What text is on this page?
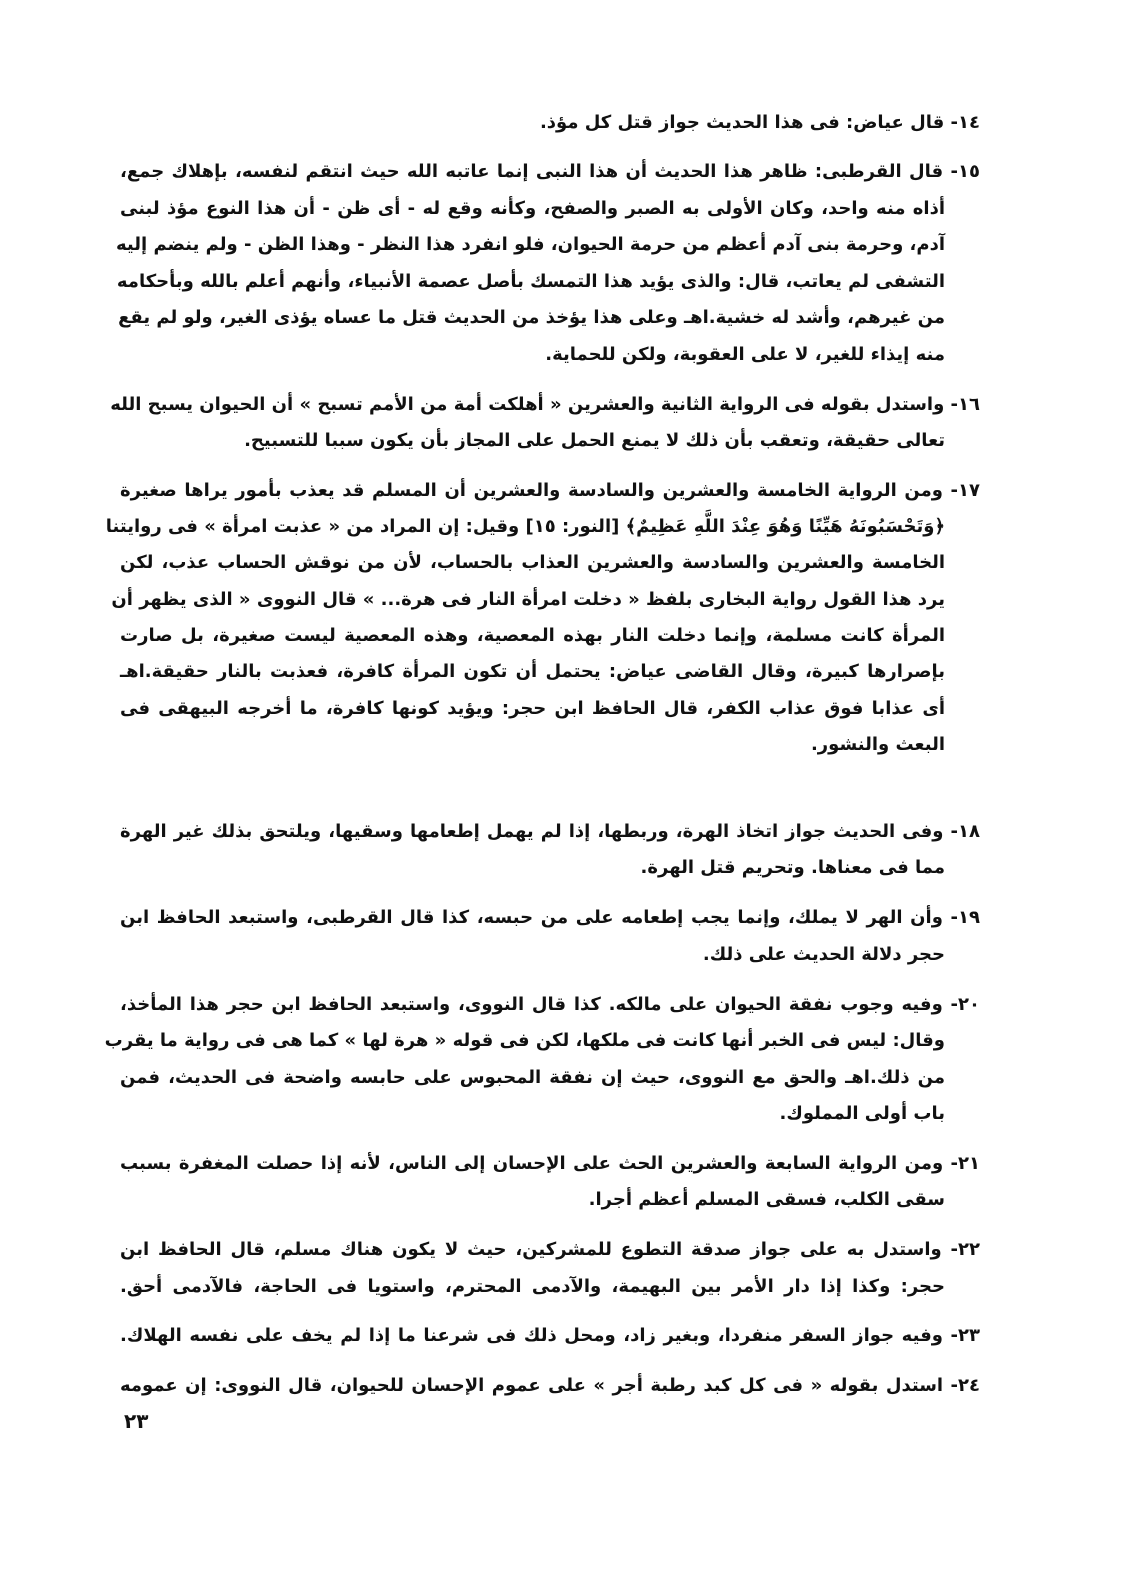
١٤- قال عياض: فى هذا الحديث جواز قتل كل مؤذ.
١٥- قال القرطبى: ظاهر هذا الحديث أن هذا النبى إنما عاتبه الله حيث انتقم لنفسه، بإهلاك جمع،
أذاه منه واحد، وكان الأولى به الصبر والصفح، وكأنه وقع له - أى ظن - أن هذا النوع مؤذ لبنى
آدم، وحرمة بنى آدم أعظم من حرمة الحيوان، فلو انفرد هذا النظر - وهذا الظن - ولم ينضم إليه
التشفى لم يعاتب، قال: والذى يؤيد هذا التمسك بأصل عصمة الأنبياء، وأنهم أعلم بالله وبأحكامه
من غيرهم، وأشد له خشية.اهـ وعلى هذا يؤخذ من الحديث قتل ما عساه يؤذى الغير، ولو لم يقع
منه إيذاء للغير، لا على العقوبة، ولكن للحماية.
١٦- واستدل بقوله فى الرواية الثانية والعشرين « أهلكت أمة من الأمم تسبح » أن الحيوان يسبح الله
تعالى حقيقة، وتعقب بأن ذلك لا يمنع الحمل على المجاز بأن يكون سببا للتسبيح.
١٧- ومن الرواية الخامسة والعشرين والسادسة والعشرين أن المسلم قد يعذب بأمور يراها صغيرة
﴿وَتَحْسَبُونَهُ هَيِّنًا وَهُوَ عِنْدَ اللَّهِ عَظِيمٌ﴾ [النور: ١٥] وقيل: إن المراد من « عذبت امرأة » فى روايتنا
الخامسة والعشرين والسادسة والعشرين العذاب بالحساب، لأن من نوقش الحساب عذب، لكن
يرد هذا القول رواية البخارى بلفظ « دخلت امرأة النار فى هرة... » قال النووى « الذى يظهر أن
المرأة كانت مسلمة، وإنما دخلت النار بهذه المعصية، وهذه المعصية ليست صغيرة، بل صارت
بإصرارها كبيرة، وقال القاضى عياض: يحتمل أن تكون المرأة كافرة، فعذبت بالنار حقيقة.اهـ
أى عذابا فوق عذاب الكفر، قال الحافظ ابن حجر: ويؤيد كونها كافرة، ما أخرجه البيهقى فى
البعث والنشور.
١٨- وفى الحديث جواز اتخاذ الهرة، وربطها، إذا لم يهمل إطعامها وسقيها، ويلتحق بذلك غير الهرة
مما فى معناها. وتحريم قتل الهرة.
١٩- وأن الهر لا يملك، وإنما يجب إطعامه على من حبسه، كذا قال القرطبى، واستبعد الحافظ ابن
حجر دلالة الحديث على ذلك.
٢٠- وفيه وجوب نفقة الحيوان على مالكه. كذا قال النووى، واستبعد الحافظ ابن حجر هذا المأخذ،
وقال: ليس فى الخبر أنها كانت فى ملكها، لكن فى قوله « هرة لها » كما هى فى رواية ما يقرب
من ذلك.اهـ والحق مع النووى، حيث إن نفقة المحبوس على حابسه واضحة فى الحديث، فمن
باب أولى المملوك.
٢١- ومن الرواية السابعة والعشرين الحث على الإحسان إلى الناس، لأنه إذا حصلت المغفرة بسبب
سقى الكلب، فسقى المسلم أعظم أجرا.
٢٢- واستدل به على جواز صدقة التطوع للمشركين، حيث لا يكون هناك مسلم، قال الحافظ ابن
حجر: وكذا إذا دار الأمر بين البهيمة، والآدمى المحترم، واستويا فى الحاجة، فالآدمى أحق.
٢٣- وفيه جواز السفر منفردا، وبغير زاد، ومحل ذلك فى شرعنا ما إذا لم يخف على نفسه الهلاك.
٢٤- استدل بقوله « فى كل كبد رطبة أجر » على عموم الإحسان للحيوان، قال النووى: إن عمومه
٢٣
